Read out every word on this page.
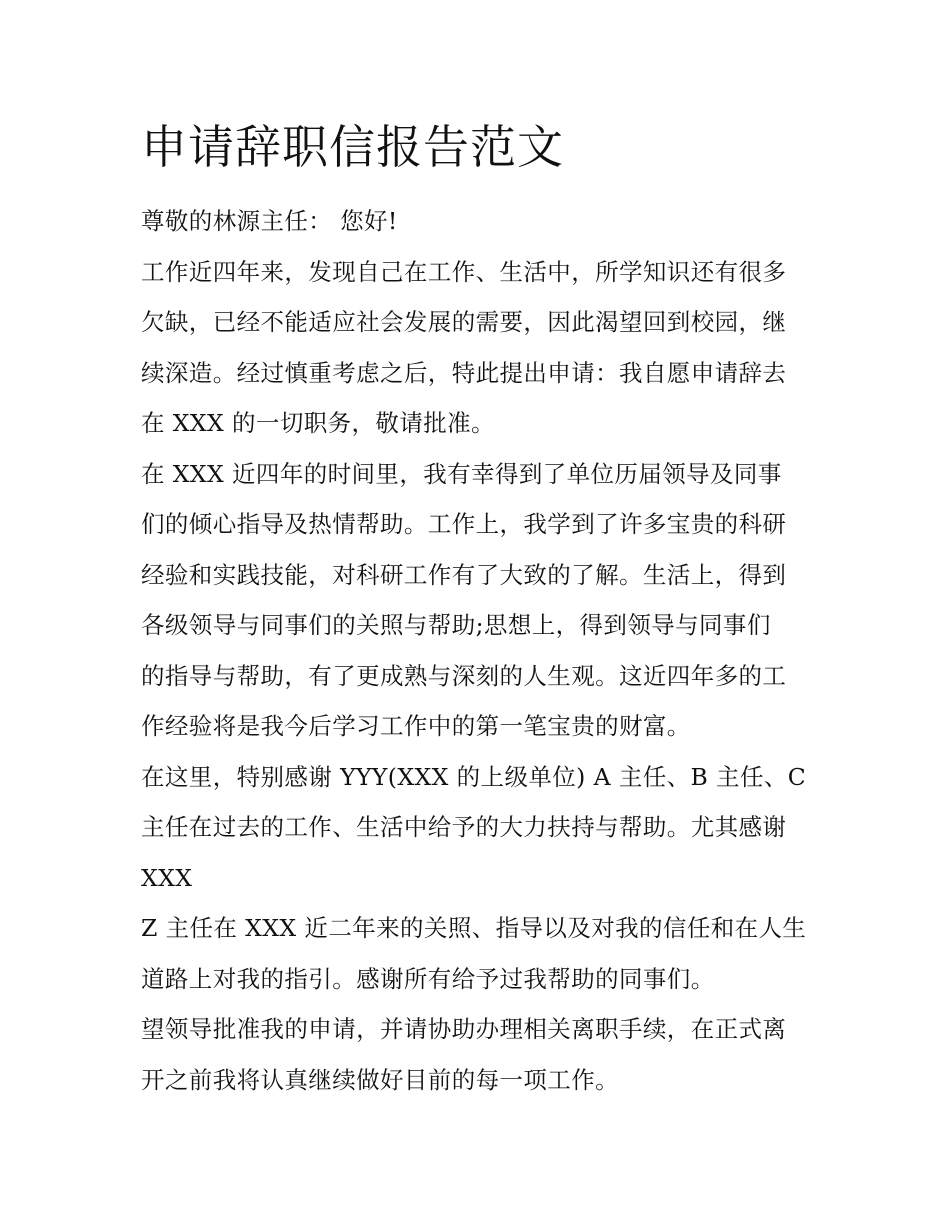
申请辞职信报告范文
尊敬的林源主任： 您好!
工作近四年来，发现自己在工作、生活中，所学知识还有很多
欠缺，已经不能适应社会发展的需要，因此渴望回到校园，继
续深造。经过慎重考虑之后，特此提出申请：我自愿申请辞去
在 XXX 的一切职务，敬请批准。
在 XXX 近四年的时间里，我有幸得到了单位历届领导及同事
们的倾心指导及热情帮助。工作上，我学到了许多宝贵的科研
经验和实践技能，对科研工作有了大致的了解。生活上，得到
各级领导与同事们的关照与帮助;思想上，得到领导与同事们
的指导与帮助，有了更成熟与深刻的人生观。这近四年多的工
作经验将是我今后学习工作中的第一笔宝贵的财富。
在这里，特别感谢 YYY(XXX 的上级单位) A 主任、B 主任、C
主任在过去的工作、生活中给予的大力扶持与帮助。尤其感谢
XXX
Z 主任在 XXX 近二年来的关照、指导以及对我的信任和在人生
道路上对我的指引。感谢所有给予过我帮助的同事们。
望领导批准我的申请，并请协助办理相关离职手续，在正式离
开之前我将认真继续做好目前的每一项工作。
